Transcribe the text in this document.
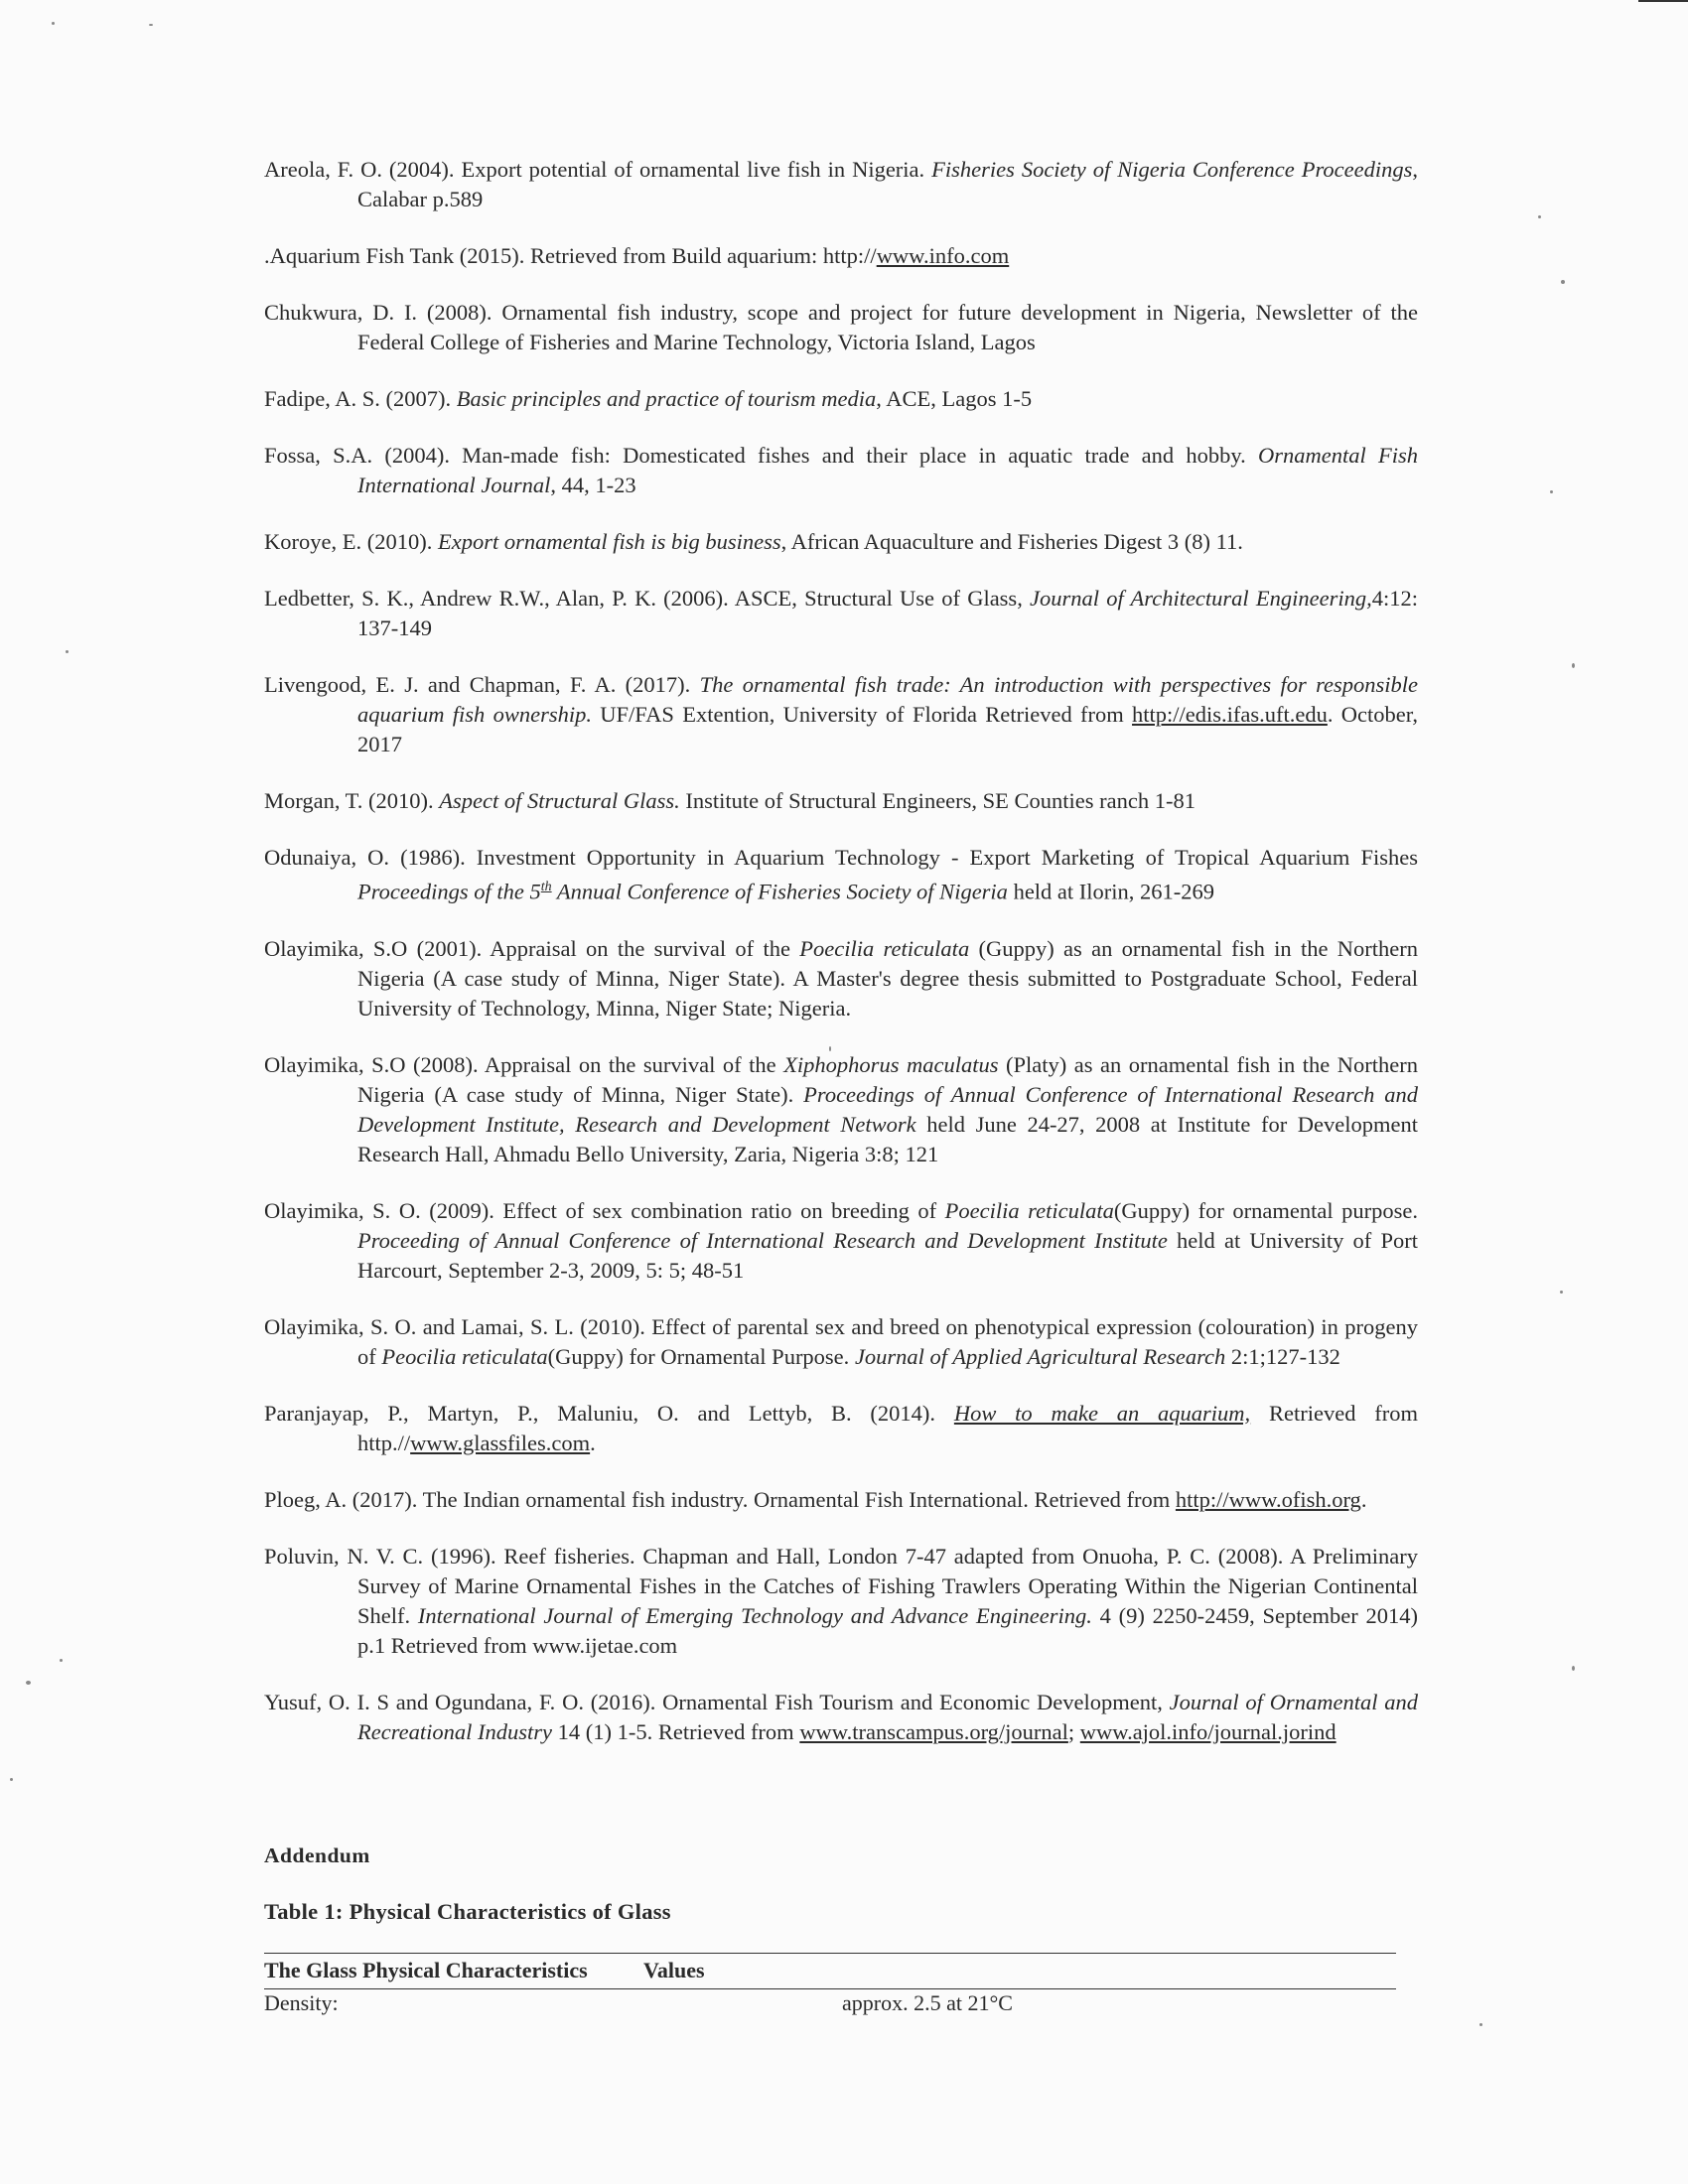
Areola, F. O. (2004). Export potential of ornamental live fish in Nigeria. Fisheries Society of Nigeria Conference Proceedings, Calabar p.589

.Aquarium Fish Tank (2015). Retrieved from Build aquarium: http://www.info.com

Chukwura, D. I. (2008). Ornamental fish industry, scope and project for future development in Nigeria, Newsletter of the Federal College of Fisheries and Marine Technology, Victoria Island, Lagos

Fadipe, A. S. (2007). Basic principles and practice of tourism media, ACE, Lagos 1-5

Fossa, S.A. (2004). Man-made fish: Domesticated fishes and their place in aquatic trade and hobby. Ornamental Fish International Journal, 44, 1-23

Koroye, E. (2010). Export ornamental fish is big business, African Aquaculture and Fisheries Digest 3 (8) 11.

Ledbetter, S. K., Andrew R.W., Alan, P. K. (2006). ASCE, Structural Use of Glass, Journal of Architectural Engineering,4:12: 137-149

Livengood, E. J. and Chapman, F. A. (2017). The ornamental fish trade: An introduction with perspectives for responsible aquarium fish ownership. UF/FAS Extention, University of Florida Retrieved from http://edis.ifas.uft.edu. October, 2017

Morgan, T. (2010). Aspect of Structural Glass. Institute of Structural Engineers, SE Counties ranch 1-81

Odunaiya, O. (1986). Investment Opportunity in Aquarium Technology - Export Marketing of Tropical Aquarium Fishes Proceedings of the 5th Annual Conference of Fisheries Society of Nigeria held at Ilorin, 261-269

Olayimika, S.O (2001). Appraisal on the survival of the Poecilia reticulata (Guppy) as an ornamental fish in the Northern Nigeria (A case study of Minna, Niger State). A Master's degree thesis submitted to Postgraduate School, Federal University of Technology, Minna, Niger State; Nigeria.

Olayimika, S.O (2008). Appraisal on the survival of the Xiphophorus maculatus (Platy) as an ornamental fish in the Northern Nigeria (A case study of Minna, Niger State). Proceedings of Annual Conference of International Research and Development Institute, Research and Development Network held June 24-27, 2008 at Institute for Development Research Hall, Ahmadu Bello University, Zaria, Nigeria 3:8; 121

Olayimika, S. O. (2009). Effect of sex combination ratio on breeding of Poecilia reticulata(Guppy) for ornamental purpose. Proceeding of Annual Conference of International Research and Development Institute held at University of Port Harcourt, September 2-3, 2009, 5: 5; 48-51

Olayimika, S. O. and Lamai, S. L. (2010). Effect of parental sex and breed on phenotypical expression (colouration) in progeny of Peocilia reticulata(Guppy) for Ornamental Purpose. Journal of Applied Agricultural Research 2:1;127-132

Paranjayap, P., Martyn, P., Maluniu, O. and Lettyb, B. (2014). How to make an aquarium, Retrieved from http.//www.glassfiles.com.

Ploeg, A. (2017). The Indian ornamental fish industry. Ornamental Fish International. Retrieved from http://www.ofish.org.

Poluvin, N. V. C. (1996). Reef fisheries. Chapman and Hall, London 7-47 adapted from Onuoha, P. C. (2008). A Preliminary Survey of Marine Ornamental Fishes in the Catches of Fishing Trawlers Operating Within the Nigerian Continental Shelf. International Journal of Emerging Technology and Advance Engineering. 4 (9) 2250-2459, September 2014) p.1 Retrieved from www.ijetae.com

Yusuf, O. I. S and Ogundana, F. O. (2016). Ornamental Fish Tourism and Economic Development, Journal of Ornamental and Recreational Industry 14 (1) 1-5. Retrieved from www.transcampus.org/journal; www.ajol.info/journal.jorind

Addendum
Table 1: Physical Characteristics of Glass
The Glass Physical Characteristics	Values
Density:	approx. 2.5 at 21°C
